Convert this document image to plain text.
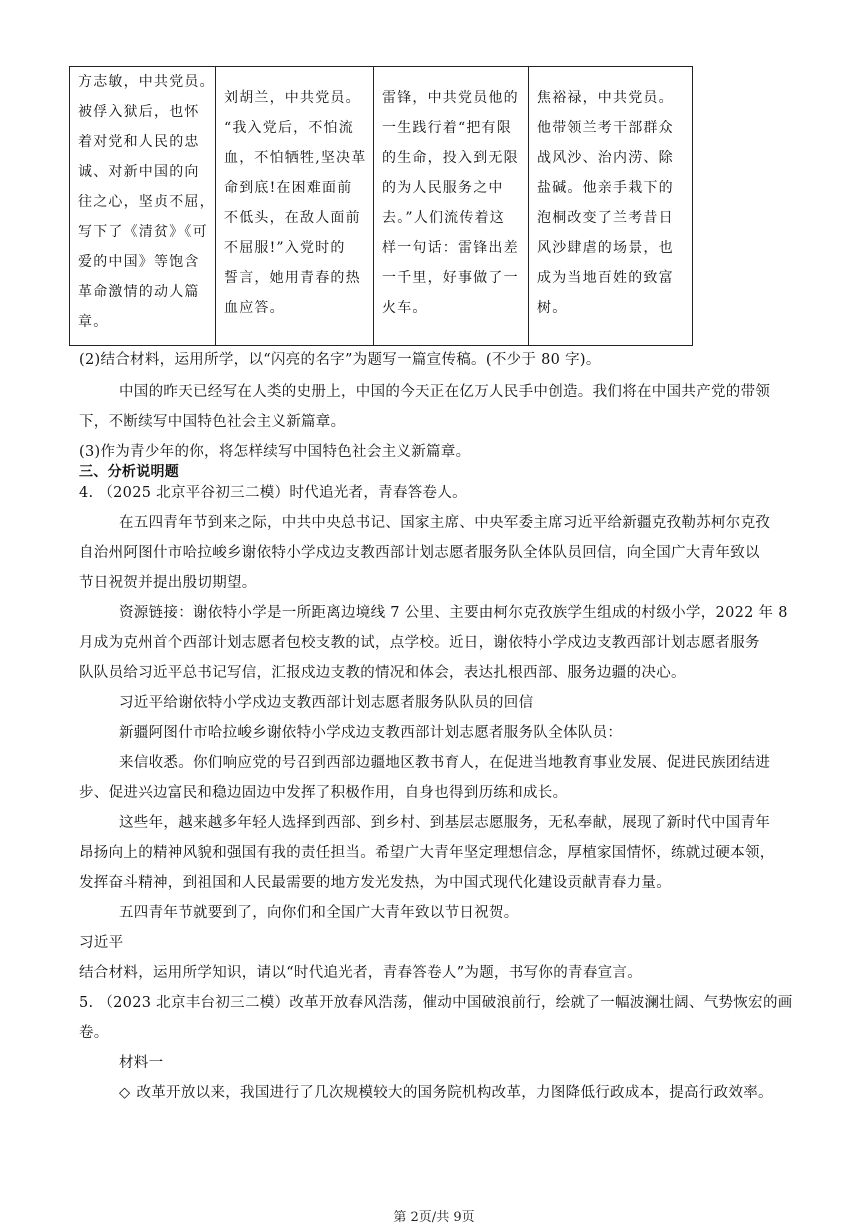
方志敏，中共党员。
被俘入狱后，也怀
着对党和人民的忠
诚、对新中国的向
往之心，坚贞不屈，
写下了《清贫》《可
爱的中国》等饱含
革命激情的动人篇
章。

刘胡兰，中共党员。
“我入党后，不怕流
血，不怕牺牲,坚决革
命到底!在困难面前
不低头，在敌人面前
不屈服!”入党时的
誓言，她用青春的热
血应答。

雷锋，中共党员他的
一生践行着“把有限
的生命，投入到无限
的为人民服务之中
去。”人们流传着这
样一句话：雷锋出差
一千里，好事做了一
火车。

焦裕禄，中共党员。
他带领兰考干部群众
战风沙、治内涝、除
盐碱。他亲手栽下的
泡桐改变了兰考昔日
风沙肆虐的场景，也
成为当地百姓的致富
树。
(2)结合材料，运用所学，以“闪亮的名字”为题写一篇宣传稿。(不少于 80 字)。
中国的昨天已经写在人类的史册上，中国的今天正在亿万人民手中创造。我们将在中国共产党的带领
下，不断续写中国特色社会主义新篇章。
(3)作为青少年的你，将怎样续写中国特色社会主义新篇章。
三、分析说明题
4. （2025 北京平谷初三二模）时代追光者，青春答卷人。
在五四青年节到来之际，中共中央总书记、国家主席、中央军委主席习近平给新疆克孜勒苏柯尔克孜
自治州阿图什市哈拉峻乡谢依特小学戍边支教西部计划志愿者服务队全体队员回信，向全国广大青年致以
节日祝贺并提出殷切期望。
资源链接：谢依特小学是一所距离边境线 7 公里、主要由柯尔克孜族学生组成的村级小学，2022 年 8
月成为克州首个西部计划志愿者包校支教的试，点学校。近日，谢依特小学戍边支教西部计划志愿者服务
队队员给习近平总书记写信，汇报戍边支教的情况和体会，表达扎根西部、服务边疆的决心。
习近平给谢依特小学戍边支教西部计划志愿者服务队队员的回信
新疆阿图什市哈拉峻乡谢依特小学戍边支教西部计划志愿者服务队全体队员：
来信收悉。你们响应党的号召到西部边疆地区教书育人，在促进当地教育事业发展、促进民族团结进
步、促进兴边富民和稳边固边中发挥了积极作用，自身也得到历练和成长。
这些年，越来越多年轻人选择到西部、到乡村、到基层志愿服务，无私奉献，展现了新时代中国青年
昂扬向上的精神风貌和强国有我的责任担当。希望广大青年坚定理想信念，厚植家国情怀，练就过硬本领，
发挥奋斗精神，到祖国和人民最需要的地方发光发热，为中国式现代化建设贡献青春力量。
五四青年节就要到了，向你们和全国广大青年致以节日祝贺。
习近平
结合材料，运用所学知识，请以“时代追光者，青春答卷人”为题，书写你的青春宣言。
5. （2023 北京丰台初三二模）改革开放春风浩荡，催动中国破浪前行，绘就了一幅波澜壮阔、气势恢宏的画
卷。
材料一
◇ 改革开放以来，我国进行了几次规模较大的国务院机构改革，力图降低行政成本，提高行政效率。
第 2页/共 9页
